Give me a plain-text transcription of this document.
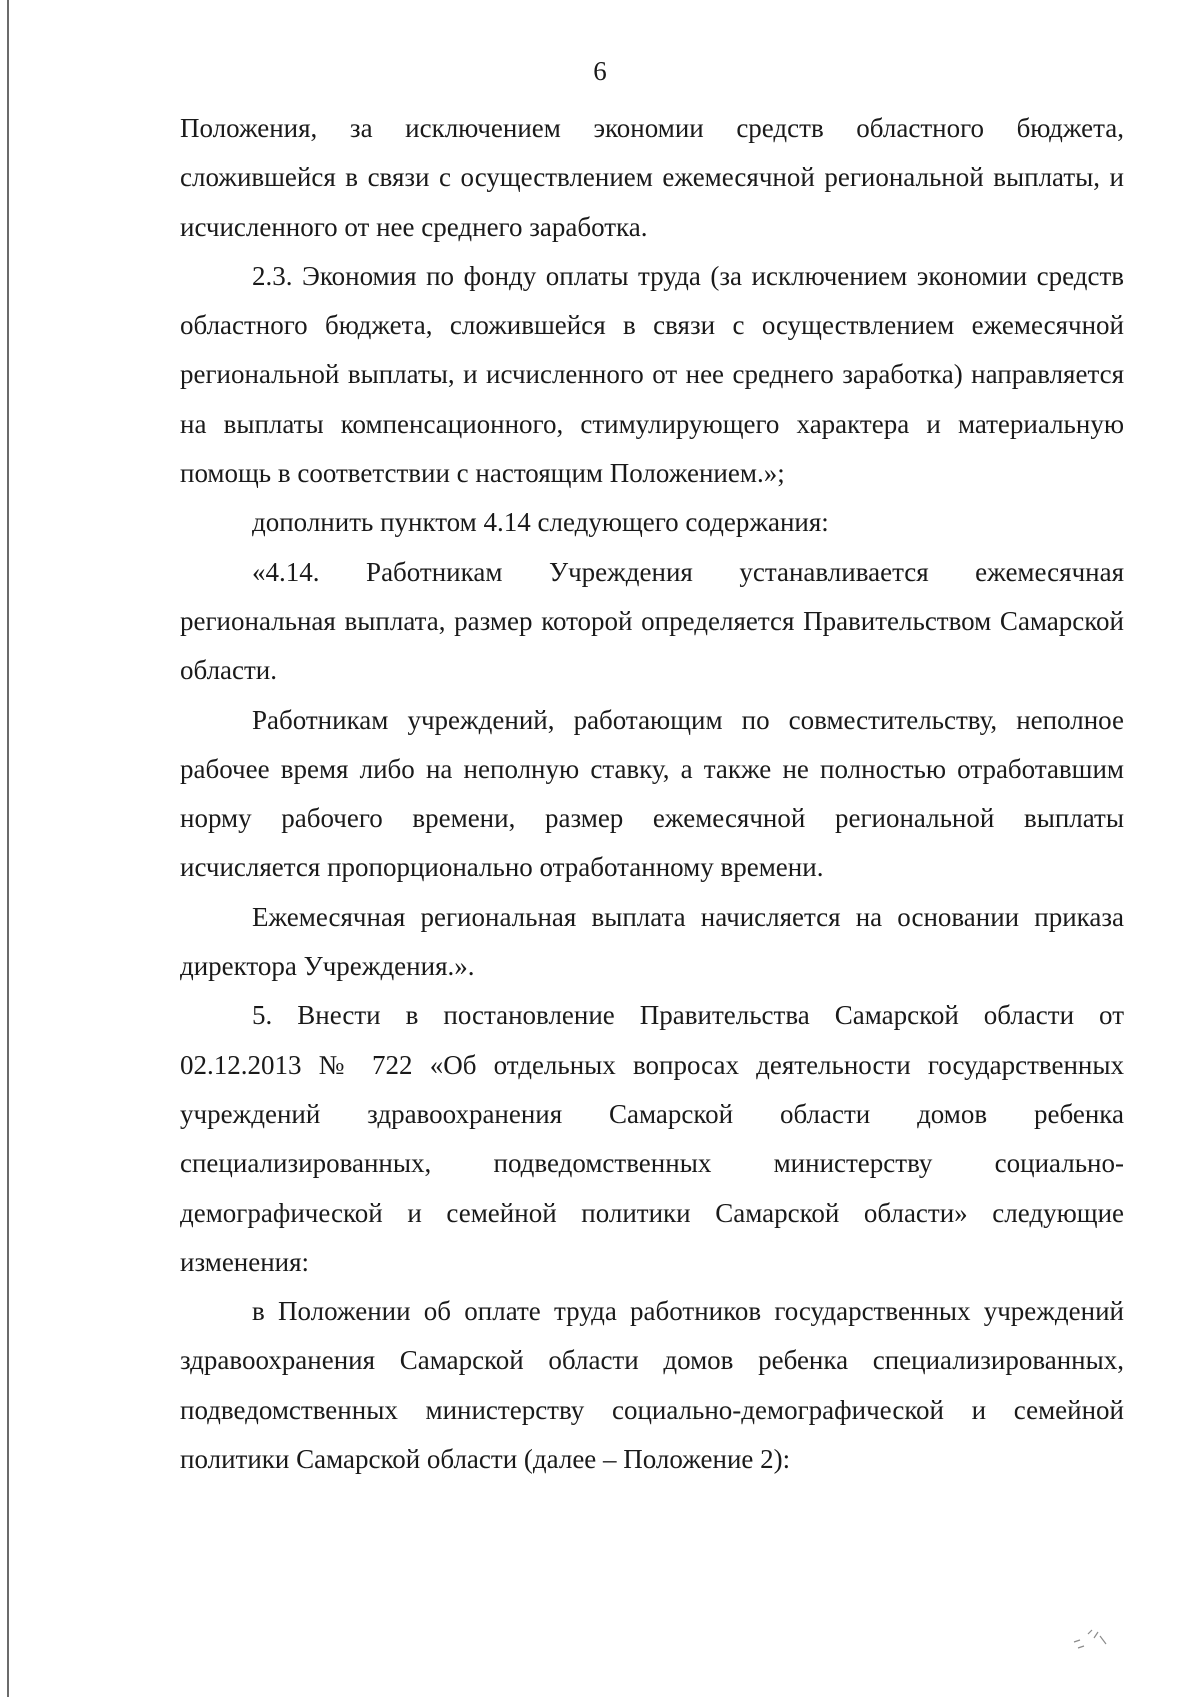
6

Положения, за исключением экономии средств областного бюджета, сложившейся в связи с осуществлением ежемесячной региональной выплаты, и исчисленного от нее среднего заработка.

2.3. Экономия по фонду оплаты труда (за исключением экономии средств областного бюджета, сложившейся в связи с осуществлением ежемесячной региональной выплаты, и исчисленного от нее среднего заработка) направляется на выплаты компенсационного, стимулирующего характера и материальную помощь в соответствии с настоящим Положением.»;

дополнить пунктом 4.14 следующего содержания:

«4.14. Работникам Учреждения устанавливается ежемесячная региональная выплата, размер которой определяется Правительством Самарской области.

Работникам учреждений, работающим по совместительству, неполное рабочее время либо на неполную ставку, а также не полностью отработавшим норму рабочего времени, размер ежемесячной региональной выплаты исчисляется пропорционально отработанному времени.

Ежемесячная региональная выплата начисляется на основании приказа директора Учреждения.».

5. Внести в постановление Правительства Самарской области от 02.12.2013 № 722 «Об отдельных вопросах деятельности государственных учреждений здравоохранения Самарской области домов ребенка специализированных, подведомственных министерству социально-демографической и семейной политики Самарской области» следующие изменения:

в Положении об оплате труда работников государственных учреждений здравоохранения Самарской области домов ребенка специализированных, подведомственных министерству социально-демографической и семейной политики Самарской области (далее – Положение 2):
